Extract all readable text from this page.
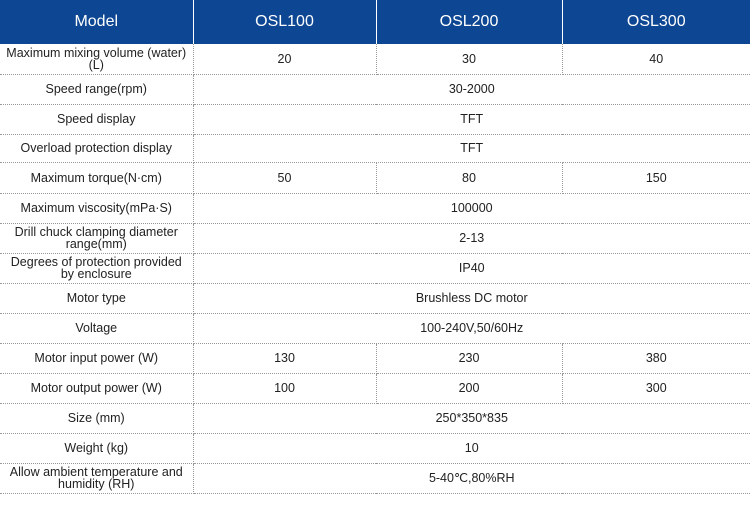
Model	OSL100	OSL200	OSL300
Maximum mixing volume (water) (L)	20	30	40
Speed range(rpm)	30-2000		
Speed display	TFT		
Overload protection display	TFT		
Maximum torque(N·cm)	50	80	150
Maximum viscosity(mPa·S)	100000		
Drill chuck clamping diameter range(mm)	2-13		
Degrees of protection provided by enclosure	IP40		
Motor type	Brushless DC motor		
Voltage	100-240V,50/60Hz		
Motor input power (W)	130	230	380
Motor output power (W)	100	200	300
Size (mm)	250*350*835		
Weight (kg)	10		
Allow ambient temperature and humidity (RH)	5-40℃,80%RH		
